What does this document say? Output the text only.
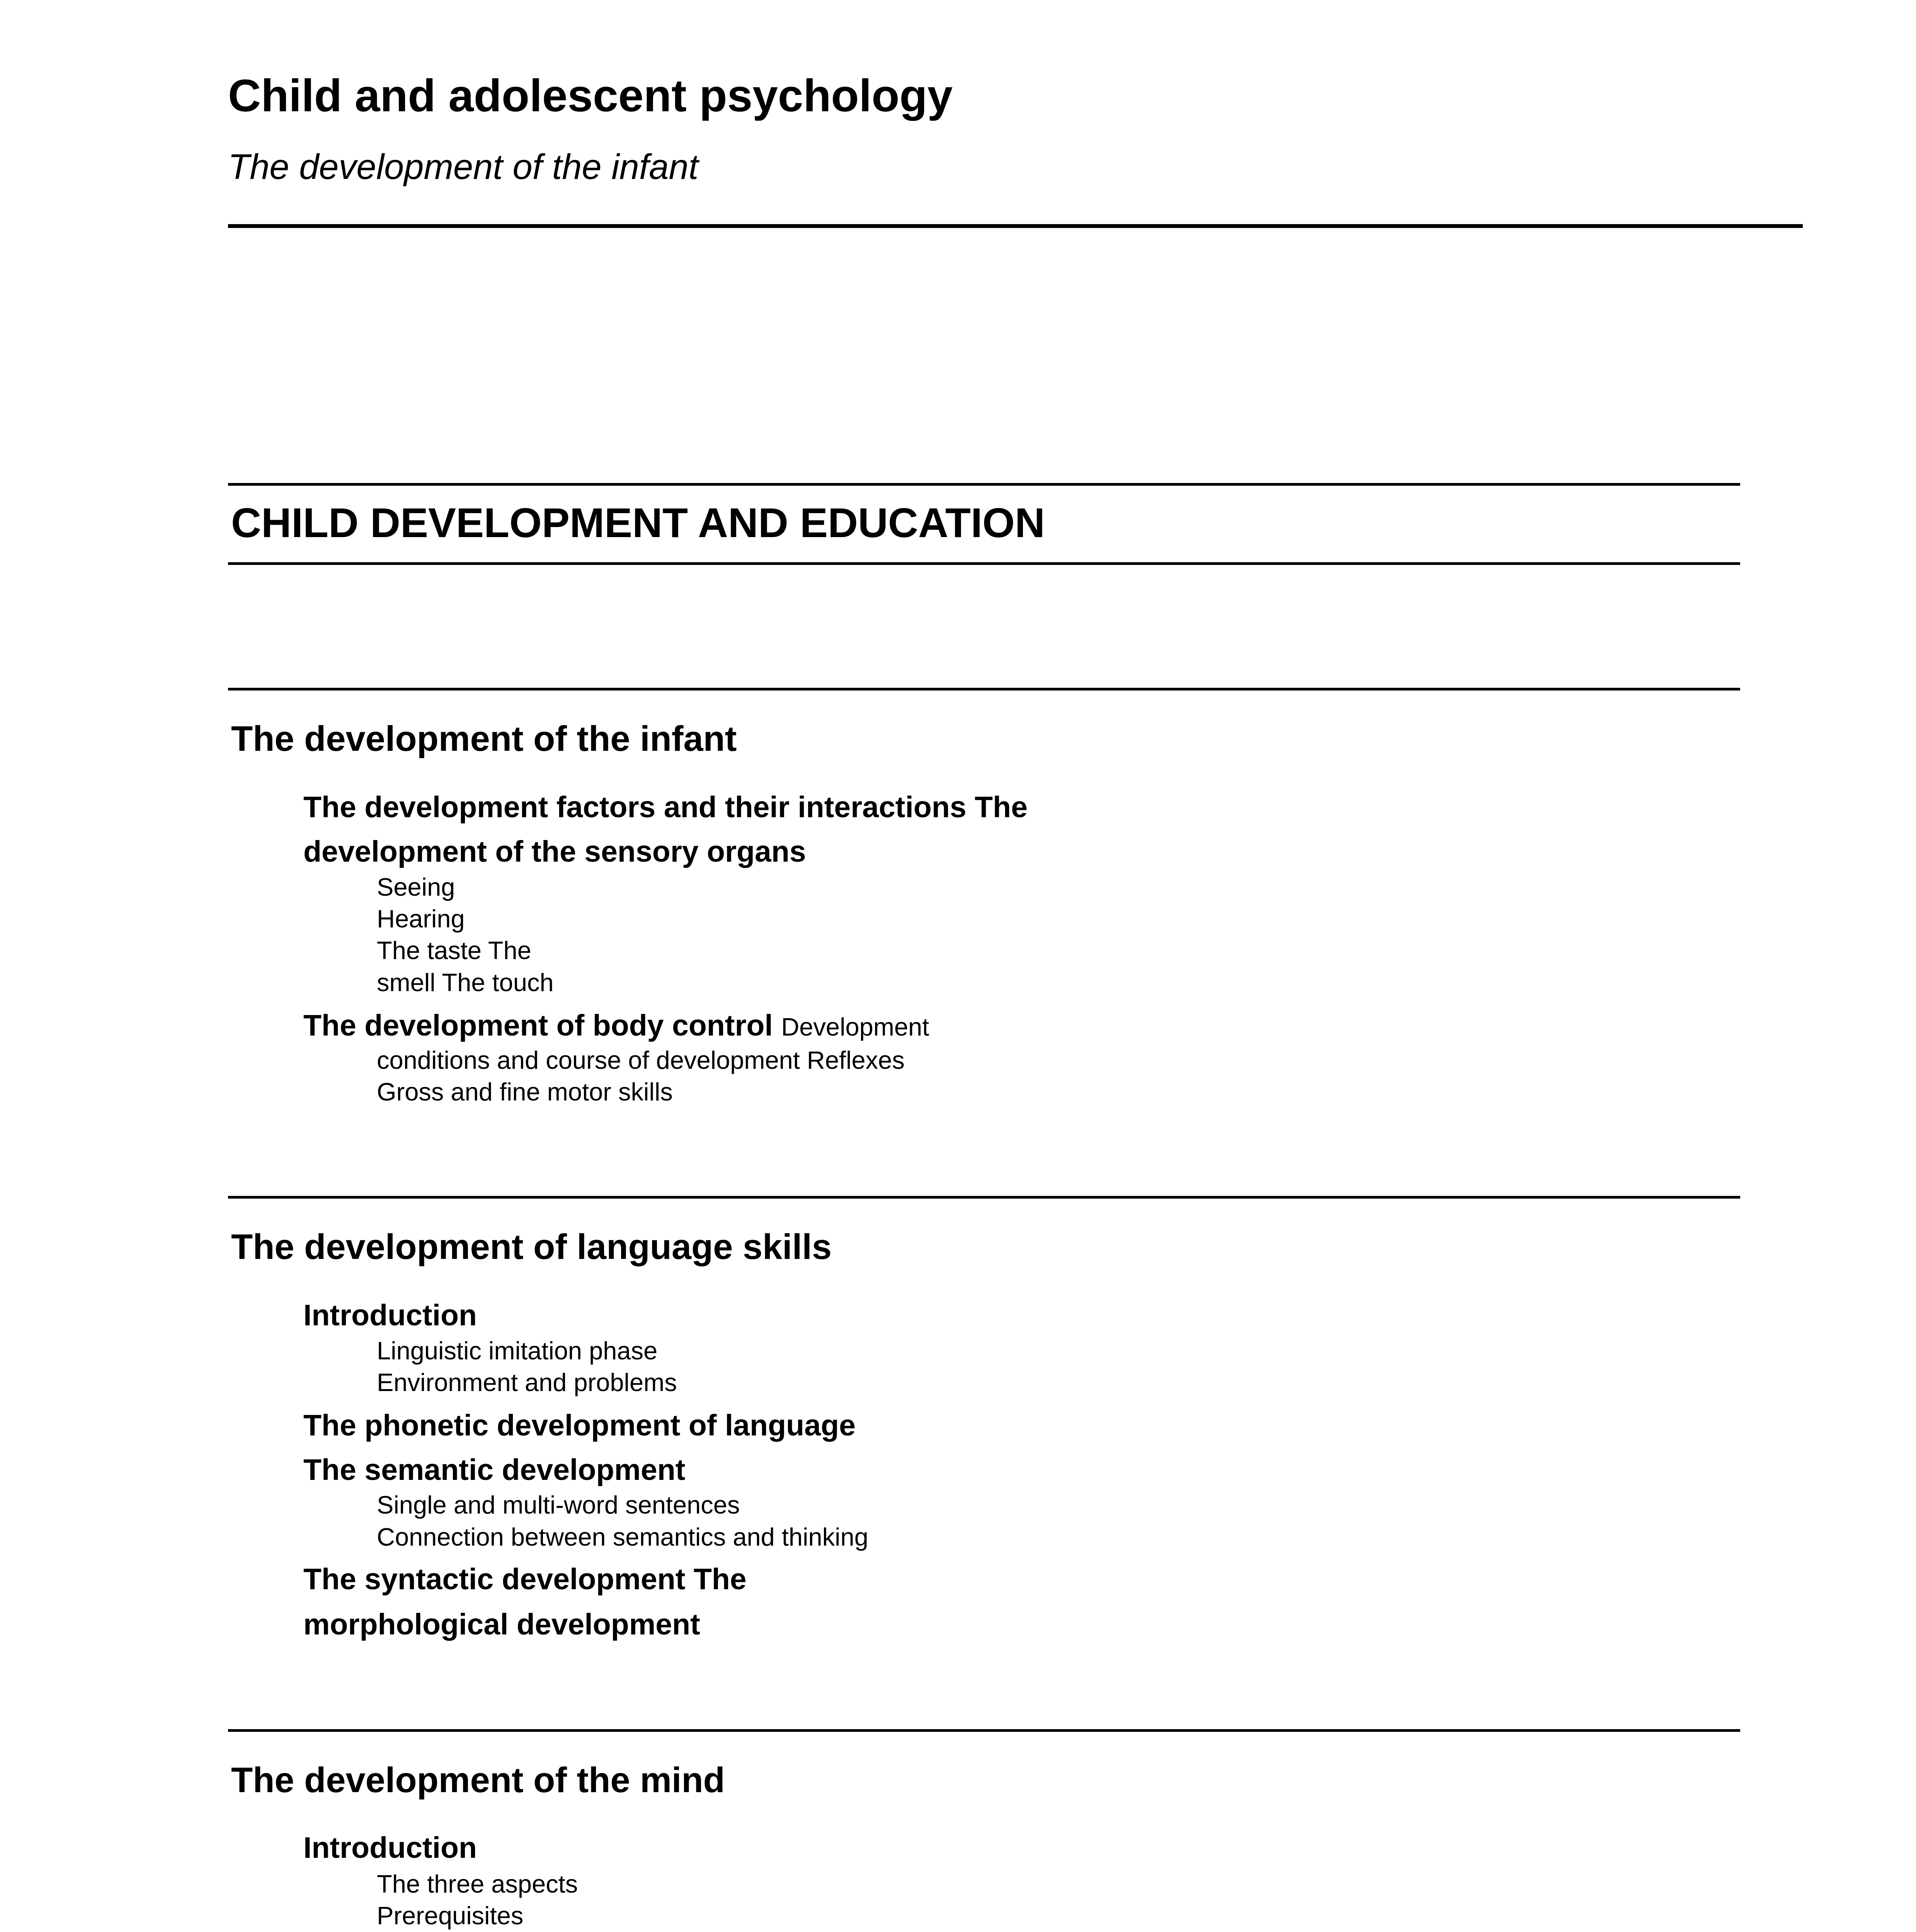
Child and adolescent psychology

The development of the infant

CHILD DEVELOPMENT AND EDUCATION
The development of the infant

The development factors and their interactions The

development of the sensory organs

Seeing

Hearing

The taste The

smell The touch

The development of body control Development

conditions and course of development Reflexes

Gross and fine motor skills

The development of language skills

Introduction

Linguistic imitation phase

Environment and problems

The phonetic development of language

The semantic development

Single and multi-word sentences

Connection between semantics and thinking

The syntactic development The

morphological development

The development of the mind

Introduction

The three aspects

Prerequisites
